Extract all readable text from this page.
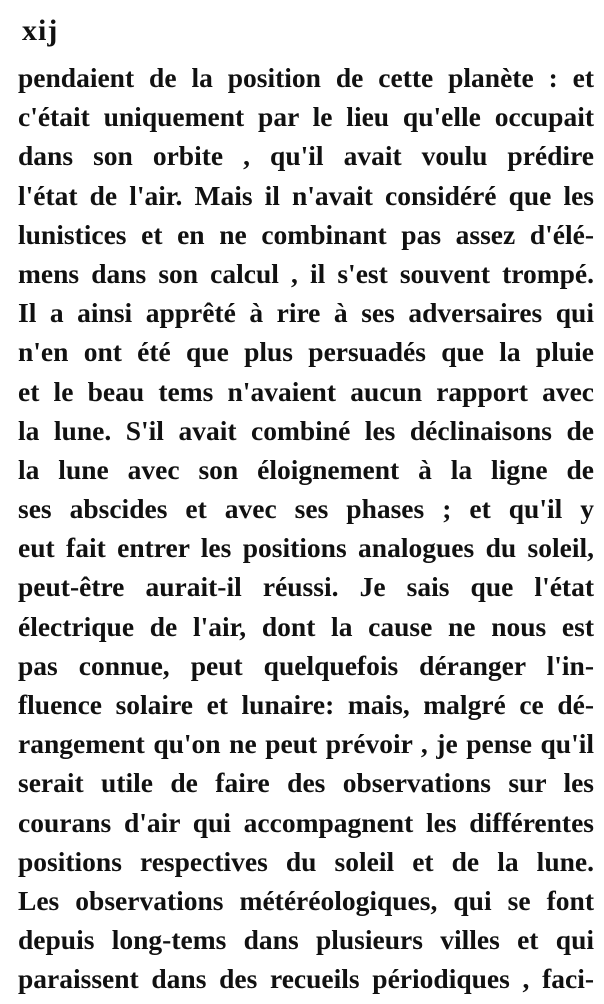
xij
pendaient de la position de cette planète : et
c'était uniquement par le lieu qu'elle occupait
dans son orbite , qu'il avait voulu prédire
l'état de l'air. Mais il n'avait considéré que les
lunistices et en ne combinant pas assez d'élé-
mens dans son calcul , il s'est souvent trompé.
Il a ainsi apprêté à rire à ses adversaires qui
n'en ont été que plus persuadés que la pluie
et le beau tems n'avaient aucun rapport avec
la lune. S'il avait combiné les déclinaisons de
la lune avec son éloignement à la ligne de
ses abscides et avec ses phases ; et qu'il y
eut fait entrer les positions analogues du soleil,
peut-être aurait-il réussi. Je sais que l'état
électrique de l'air, dont la cause ne nous est
pas connue, peut quelquefois déranger l'in-
fluence solaire et lunaire: mais, malgré ce dé-
rangement qu'on ne peut prévoir , je pense qu'il
serait utile de faire des observations sur les
courans d'air qui accompagnent les différentes
positions respectives du soleil et de la lune.
Les observations météréologiques, qui se font
depuis long-tems dans plusieurs villes et qui
paraissent dans des recueils périodiques , faci-
